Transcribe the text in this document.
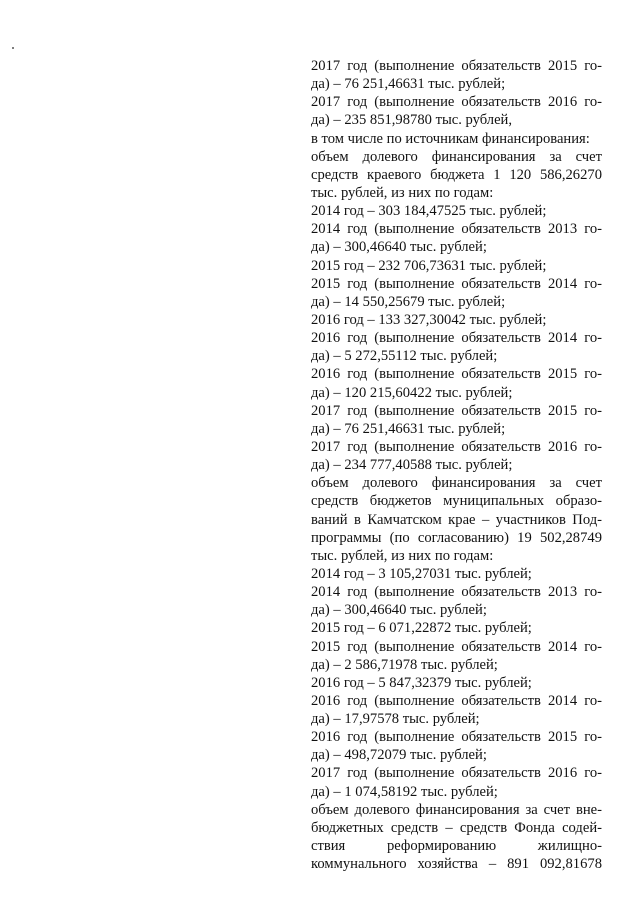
2017 год (выполнение обязательств 2015 го-
да) – 76 251,46631 тыс. рублей;
2017 год (выполнение обязательств 2016 го-
да) – 235 851,98780 тыс. рублей,
в том числе по источникам финансирования:
объем долевого финансирования за счет
средств краевого бюджета 1 120 586,26270
тыс. рублей, из них по годам:
2014 год – 303 184,47525 тыс. рублей;
2014 год (выполнение обязательств 2013 го-
да) – 300,46640 тыс. рублей;
2015 год – 232 706,73631 тыс. рублей;
2015 год (выполнение обязательств 2014 го-
да) – 14 550,25679 тыс. рублей;
2016 год – 133 327,30042 тыс. рублей;
2016 год (выполнение обязательств 2014 го-
да) – 5 272,55112 тыс. рублей;
2016 год (выполнение обязательств 2015 го-
да) – 120 215,60422 тыс. рублей;
2017 год (выполнение обязательств 2015 го-
да) – 76 251,46631 тыс. рублей;
2017 год (выполнение обязательств 2016 го-
да) – 234 777,40588 тыс. рублей;
объем долевого финансирования за счет
средств бюджетов муниципальных образо-
ваний в Камчатском крае – участников Под-
программы (по согласованию) 19 502,28749
тыс. рублей, из них по годам:
2014 год – 3 105,27031 тыс. рублей;
2014 год (выполнение обязательств 2013 го-
да) – 300,46640 тыс. рублей;
2015 год – 6 071,22872 тыс. рублей;
2015 год (выполнение обязательств 2014 го-
да) – 2 586,71978 тыс. рублей;
2016 год – 5 847,32379 тыс. рублей;
2016 год (выполнение обязательств 2014 го-
да) – 17,97578 тыс. рублей;
2016 год (выполнение обязательств 2015 го-
да) – 498,72079 тыс. рублей;
2017 год (выполнение обязательств 2016 го-
да) – 1 074,58192 тыс. рублей;
объем долевого финансирования за счет вне-
бюджетных средств – средств Фонда содей-
ствия реформированию жилищно-
коммунального хозяйства – 891 092,81678
